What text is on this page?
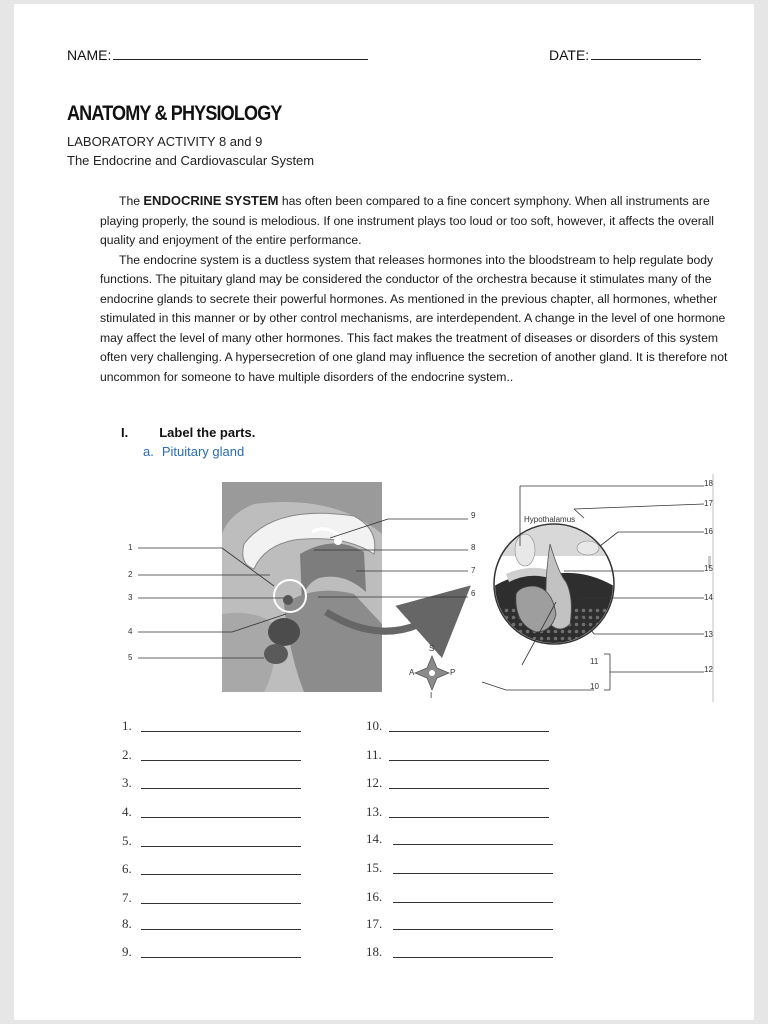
NAME:	DATE:
ANATOMY & PHYSIOLOGY
LABORATORY ACTIVITY 8 and 9
The Endocrine and Cardiovascular System

The ENDOCRINE SYSTEM has often been compared to a fine concert symphony. When all instruments are playing properly, the sound is melodious. If one instrument plays too loud or too soft, however, it affects the overall quality and enjoyment of the entire performance.

The endocrine system is a ductless system that releases hormones into the bloodstream to help regulate body functions. The pituitary gland may be considered the conductor of the orchestra because it stimulates many of the endocrine glands to secrete their powerful hormones. As mentioned in the previous chapter, all hormones, whether stimulated in this manner or by other control mechanisms, are interdependent. A change in the level of one hormone may affect the level of many other hormones. This fact makes the treatment of diseases or disorders of this system often very challenging. A hypersecretion of one gland may influence the secretion of another gland. It is therefore not uncommon for someone to have multiple disorders of the endocrine system..

I. Label the parts.
a. Pituitary gland
S
A	P
I
Hypothalamus
1
2
3
4
5
9
8
7
6
18
17
16
15
14
13
12
11
10
1.
2.
3.
4.
5.
6.
7.
8.
9.
10.
11.
12.
13.
14.
15.
16.
17.
18.
